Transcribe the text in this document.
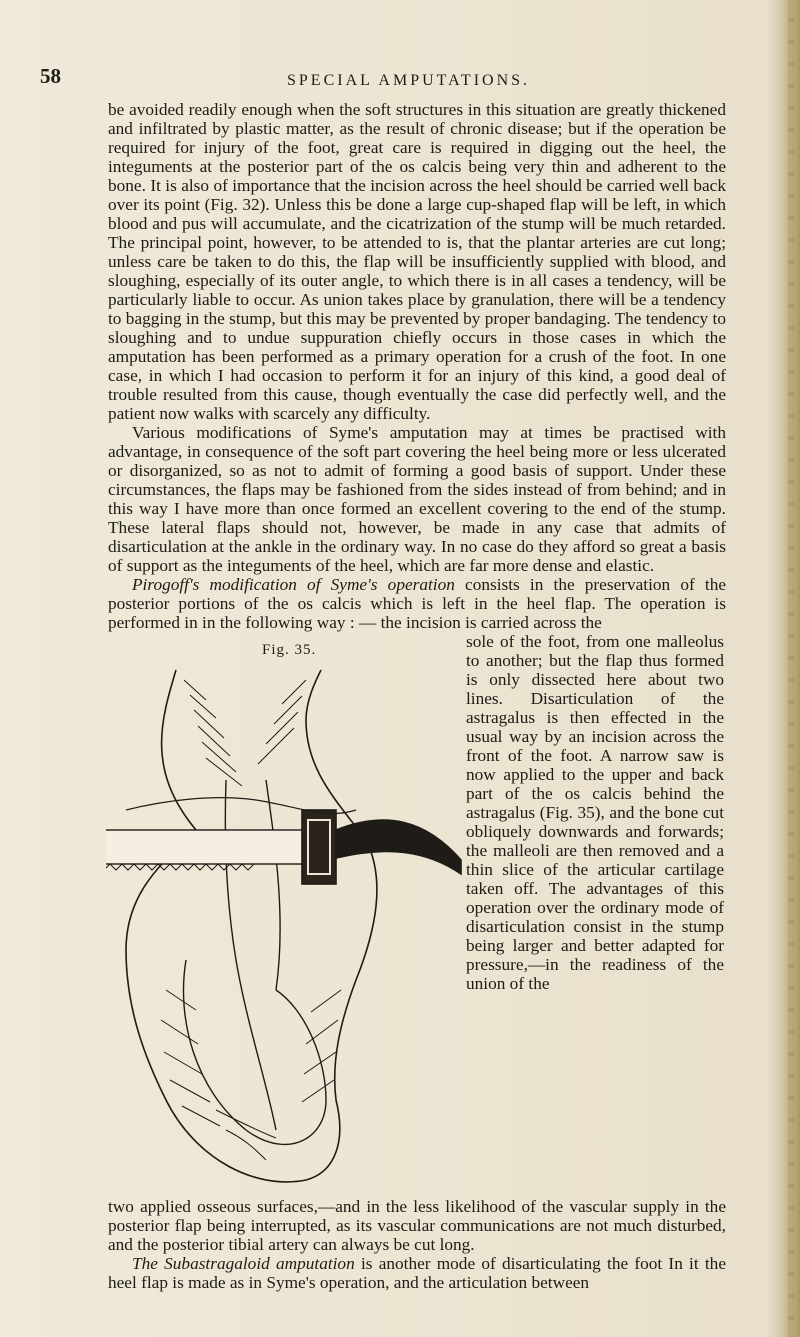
58	SPECIAL AMPUTATIONS.

be avoided readily enough when the soft structures in this situation are greatly thickened and infiltrated by plastic matter, as the result of chronic disease; but if the operation be required for injury of the foot, great care is required in digging out the heel, the integuments at the posterior part of the os calcis being very thin and adherent to the bone. It is also of importance that the incision across the heel should be carried well back over its point (Fig. 32). Unless this be done a large cup-shaped flap will be left, in which blood and pus will accumulate, and the cicatrization of the stump will be much retarded. The principal point, however, to be attended to is, that the plantar arteries are cut long; unless care be taken to do this, the flap will be insufficiently supplied with blood, and sloughing, especially of its outer angle, to which there is in all cases a tendency, will be particularly liable to occur. As union takes place by granulation, there will be a tendency to bagging in the stump, but this may be prevented by proper bandaging. The tendency to sloughing and to undue suppuration chiefly occurs in those cases in which the amputation has been performed as a primary operation for a crush of the foot. In one case, in which I had occasion to perform it for an injury of this kind, a good deal of trouble resulted from this cause, though eventually the case did perfectly well, and the patient now walks with scarcely any difficulty.

Various modifications of Syme's amputation may at times be practised with advantage, in consequence of the soft part covering the heel being more or less ulcerated or disorganized, so as not to admit of forming a good basis of support. Under these circumstances, the flaps may be fashioned from the sides instead of from behind; and in this way I have more than once formed an excellent covering to the end of the stump. These lateral flaps should not, however, be made in any case that admits of disarticulation at the ankle in the ordinary way. In no case do they afford so great a basis of support as the integuments of the heel, which are far more dense and elastic.

Pirogoff's modification of Syme's operation consists in the preservation of the posterior portions of the os calcis which is left in the heel flap. The operation is performed in in the following way : — the incision is carried across the

Fig. 35.	sole of the foot, from one malleolus to another; but the flap thus formed is only dissected here about two lines. Disarticulation of the astragalus is then effected in the usual way by an incision across the front of the foot. A narrow saw is now applied to the upper and back part of the os calcis behind the astragalus (Fig. 35), and the bone cut obliquely downwards and forwards; the malleoli are then removed and a thin slice of the articular cartilage taken off. The advantages of this operation over the ordinary mode of disarticulation consist in the stump being larger and better adapted for pressure,—in the readiness of the union of the

two applied osseous surfaces,—and in the less likelihood of the vascular supply in the posterior flap being interrupted, as its vascular communications are not much disturbed, and the posterior tibial artery can always be cut long.

The Subastragaloid amputation is another mode of disarticulating the foot In it the heel flap is made as in Syme's operation, and the articulation between
